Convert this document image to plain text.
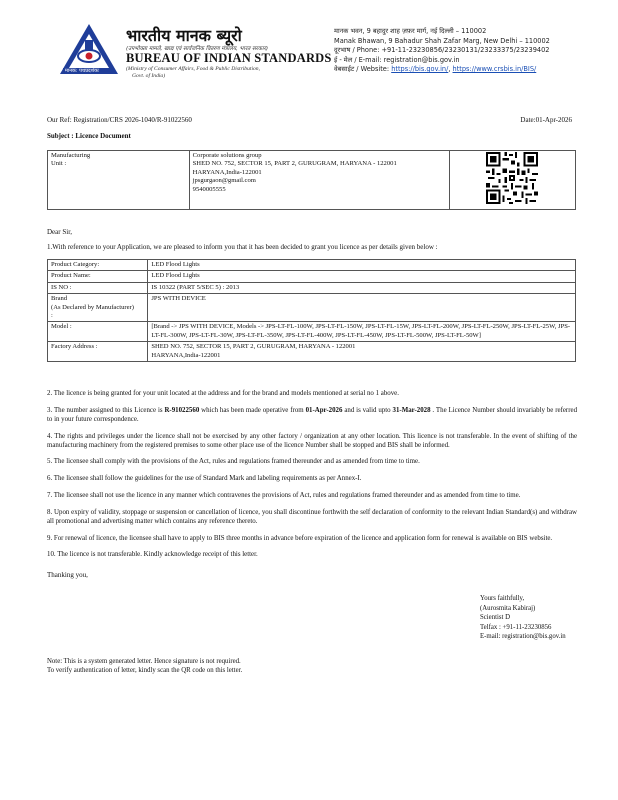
मानक: पथप्रदर्शकः
भारतीय मानक ब्यूरो
(उपभोक्ता मामले, खाद्य एवं सार्वजनिक वितरण मंत्रालय, भारत सरकार)
BUREAU OF INDIAN STANDARDS
(Ministry of Consumer Affairs, Food & Public Distribution,
Govt. of India)
मानक भवन, 9 बहादुर शाह ज़फ़र मार्ग, नई दिल्ली – 110002
Manak Bhawan, 9 Bahadur Shah Zafar Marg, New Delhi – 110002
दूरभाष / Phone: +91-11-23230856/23230131/23233375/23239402
ई - मेल / E-mail: registration@bis.gov.in
वेबसाईट / Website: https://bis.gov.in/, https://www.crsbis.in/BIS/
Our Ref: Registration/CRS 2026-1040/R-91022560	Date:01-Apr-2026
Subject : Licence Document
Manufacturing
Unit :

Corporate solutions group
SHED NO. 752, SECTOR 15, PART 2, GURUGRAM, HARYANA - 122001
HARYANA,India-122001
jpsgurgaon@gmail.com
9540005555

Dear Sir,
1.With reference to your Application, we are pleased to inform you that it has been decided to grant you licence as per details given below :
Product Category:	LED Flood Lights
Product Name:	LED Flood Lights
IS NO :	IS 10322 (PART 5/SEC 5) : 2013

Brand
(As Declared by Manufacturer)
:	JPS WITH DEVICE
Model :	[Brand -> JPS WITH DEVICE, Models -> JPS-LT-FL-100W, JPS-LT-FL-150W, JPS-LT-FL-15W, JPS-LT-FL-200W, JPS-LT-FL-250W, JPS-LT-FL-25W, JPS-LT-FL-300W, JPS-LT-FL-30W, JPS-LT-FL-350W, JPS-LT-FL-400W, JPS-LT-FL-450W, JPS-LT-FL-500W, JPS-LT-FL-50W]
Factory Address :	SHED NO. 752, SECTOR 15, PART 2, GURUGRAM, HARYANA - 122001
HARYANA,India-122001

2. The licence is being granted for your unit located at the address and for the brand and models mentioned at serial no 1 above.

3. The number assigned to this Licence is R-91022560 which has been made operative from 01-Apr-2026 and is valid upto 31-Mar-2028 . The Licence Number should invariably be referred to in your future correspondence.

4. The rights and privileges under the licence shall not be exercised by any other factory / organization at any other location. This licence is not transferable. In the event of shifting of the manufacturing machinery from the registered premises to some other place use of the licence Number shall be stopped and BIS shall be informed.

5. The licensee shall comply with the provisions of the Act, rules and regulations framed thereunder and as amended from time to time.

6. The licensee shall follow the guidelines for the use of Standard Mark and labeling requirements as per Annex-I.

7. The licensee shall not use the licence in any manner which contravenes the provisions of Act, rules and regulations framed thereunder and as amended from time to time.

8. Upon expiry of validity, stoppage or suspension or cancellation of licence, you shall discontinue forthwith the self declaration of conformity to the relevant Indian Standard(s) and withdraw all promotional and advertising matter which contains any reference thereto.

9. For renewal of licence, the licensee shall have to apply to BIS three months in advance before expiration of the licence and application form for renewal is available on BIS website.

10. The licence is not transferable. Kindly acknowledge receipt of this letter.

Thanking you,
Yours faithfully,
(Aurosmita Kabiraj)
Scientist D
Telfax : +91-11-23230856
E-mail: registration@bis.gov.in
Note: This is a system generated letter. Hence signature is not required.
To verify authentication of letter, kindly scan the QR code on this letter.
